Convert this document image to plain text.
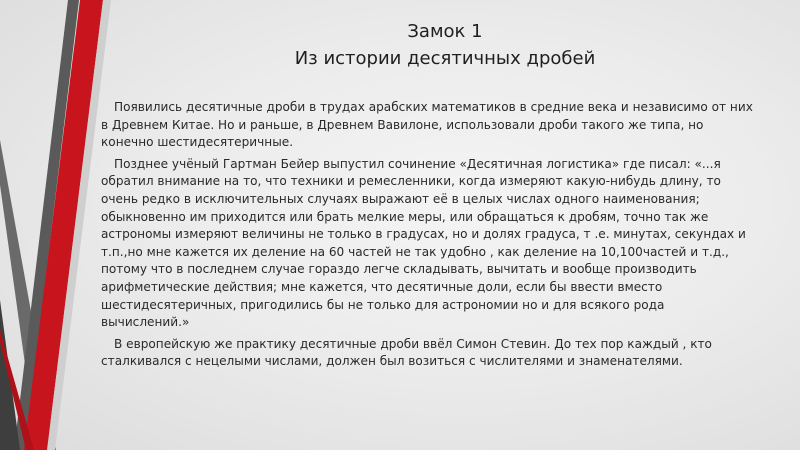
Замок 1
Из истории десятичных дробей

Появились десятичные дроби в трудах арабских математиков в средние века и независимо от них в Древнем Китае. Но и раньше, в Древнем Вавилоне, использовали дроби такого же типа, но конечно шестидесятеричные.

Позднее учёный Гартман Бейер выпустил сочинение «Десятичная логистика» где писал: «...я обратил внимание на то, что техники и ремесленники, когда измеряют какую-нибудь длину, то очень редко в исключительных случаях выражают её в целых числах одного наименования; обыкновенно им приходится или брать мелкие меры, или обращаться к дробям, точно так же астрономы измеряют величины не только в градусах, но и долях градуса, т .е. минутах, секундах и т.п.,но мне кажется их деление на 60 частей не так удобно , как деление на 10,100частей и т.д., потому что в последнем случае гораздо легче складывать, вычитать и вообще производить арифметические действия; мне кажется, что десятичные доли, если бы ввести вместо шестидесятеричных, пригодились бы не только для астрономии но и для всякого рода вычислений.»

В европейскую же практику десятичные дроби ввёл Симон Стевин. До тех пор каждый , кто сталкивался с нецелыми числами, должен был возиться с числителями и знаменателями.
